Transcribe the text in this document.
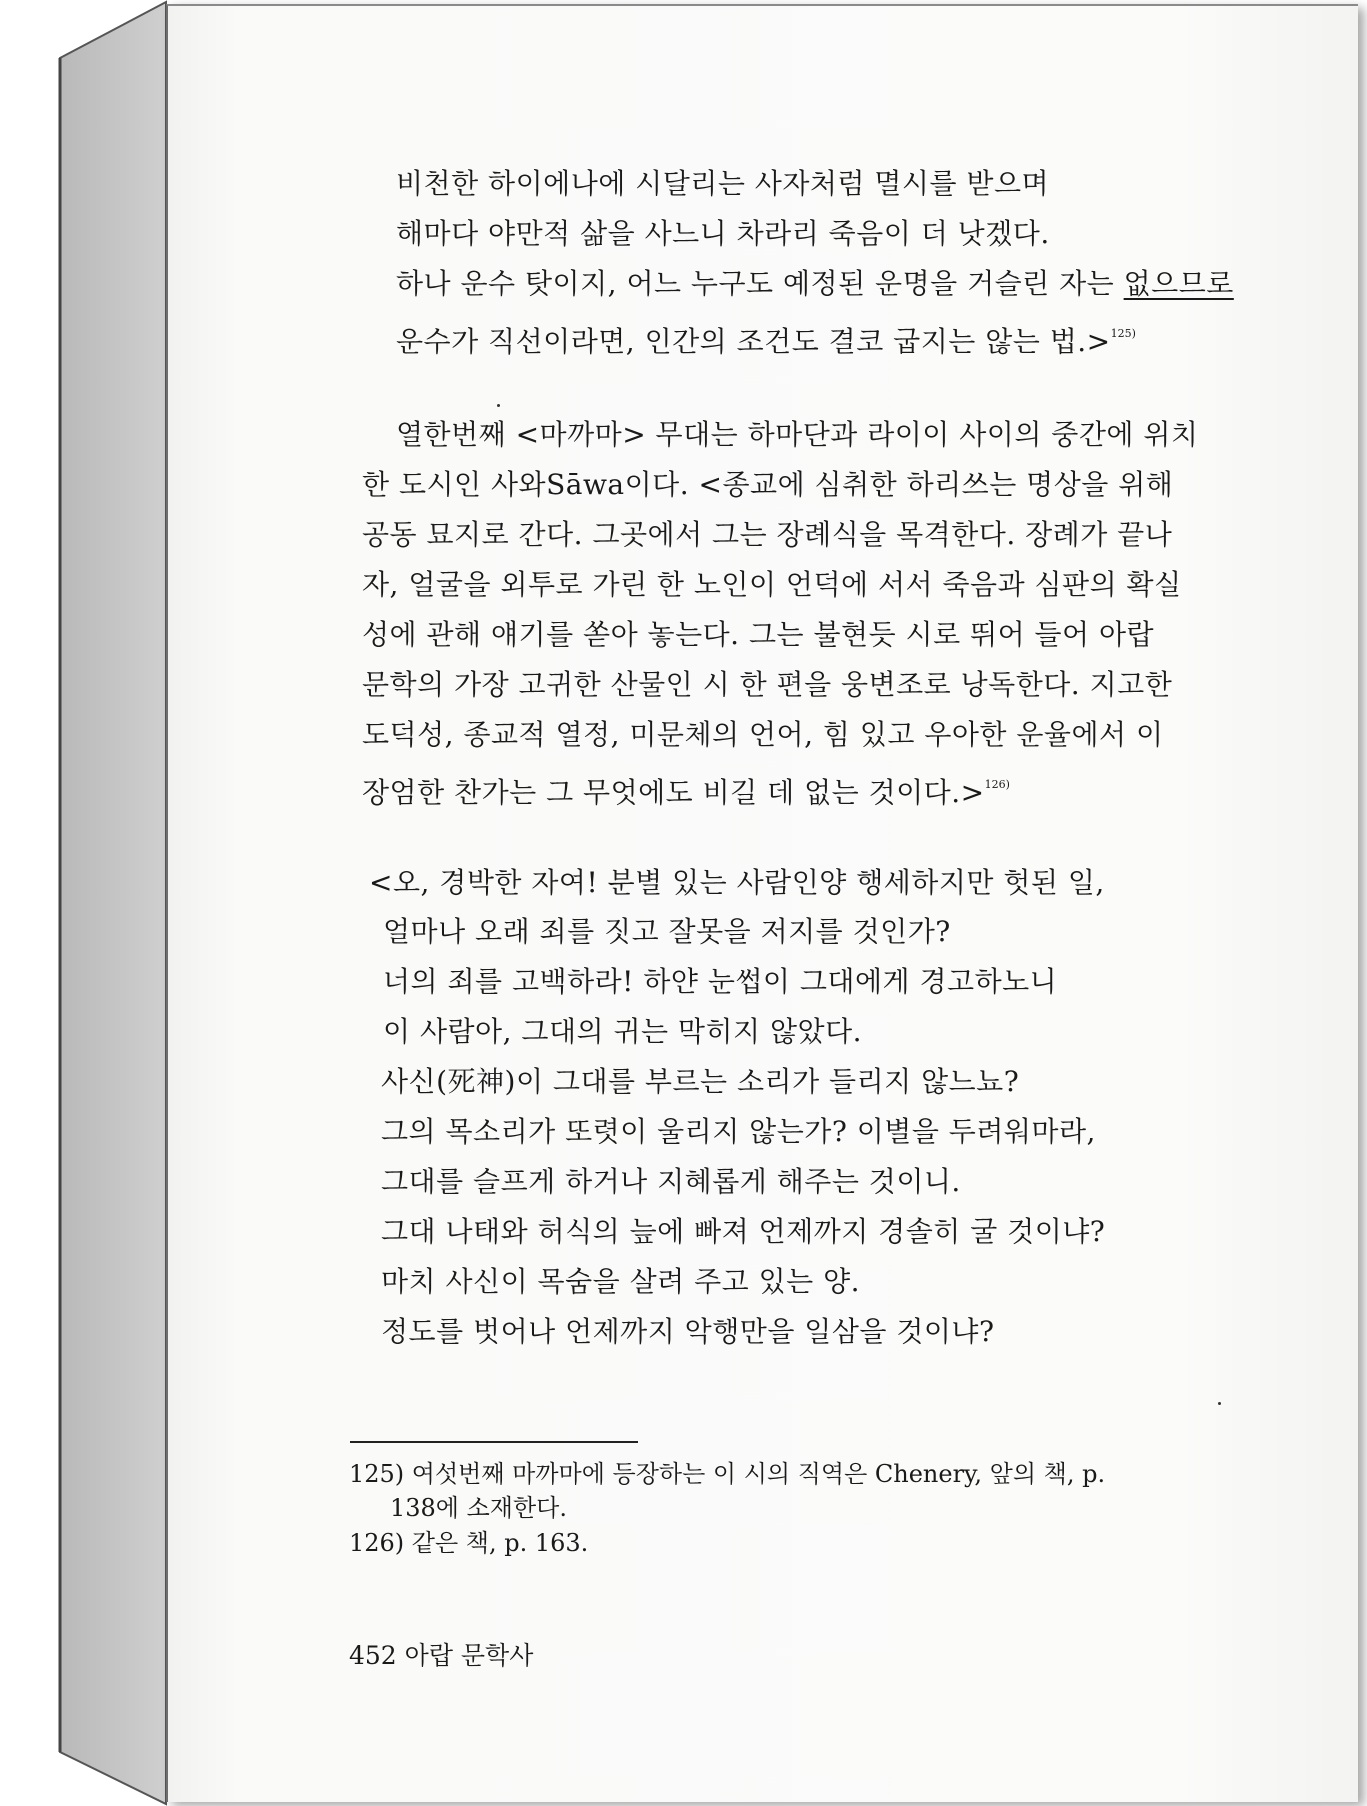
비천한 하이에나에 시달리는 사자처럼 멸시를 받으며
해마다 야만적 삶을 사느니 차라리 죽음이 더 낫겠다.
하나 운수 탓이지, 어느 누구도 예정된 운명을 거슬린 자는 없으므로
운수가 직선이라면, 인간의 조건도 결코 굽지는 않는 법.>$^{125)}$
열한번째 <마까마> 무대는 하마단과 라이이 사이의 중간에 위치
한 도시인 사와Sāwa이다. <종교에 심취한 하리쓰는 명상을 위해
공동 묘지로 간다. 그곳에서 그는 장례식을 목격한다. 장례가 끝나
자, 얼굴을 외투로 가린 한 노인이 언덕에 서서 죽음과 심판의 확실
성에 관해 얘기를 쏟아 놓는다. 그는 불현듯 시로 뛰어 들어 아랍
문학의 가장 고귀한 산물인 시 한 편을 웅변조로 낭독한다. 지고한
도덕성, 종교적 열정, 미문체의 언어, 힘 있고 우아한 운율에서 이
장엄한 찬가는 그 무엇에도 비길 데 없는 것이다.>$^{126)}$
<오, 경박한 자여! 분별 있는 사람인양 행세하지만 헛된 일,
얼마나 오래 죄를 짓고 잘못을 저지를 것인가?
너의 죄를 고백하라! 하얀 눈썹이 그대에게 경고하노니
이 사람아, 그대의 귀는 막히지 않았다.
사신(死神)이 그대를 부르는 소리가 들리지 않느뇨?
그의 목소리가 또렷이 울리지 않는가? 이별을 두려워마라,
그대를 슬프게 하거나 지혜롭게 해주는 것이니.
그대 나태와 허식의 늪에 빠져 언제까지 경솔히 굴 것이냐?
마치 사신이 목숨을 살려 주고 있는 양.
정도를 벗어나 언제까지 악행만을 일삼을 것이냐?
125) 여섯번째 마까마에 등장하는 이 시의 직역은 Chenery, 앞의 책, p.
138에 소재한다.
126) 같은 책, p. 163.
452 아랍 문학사
